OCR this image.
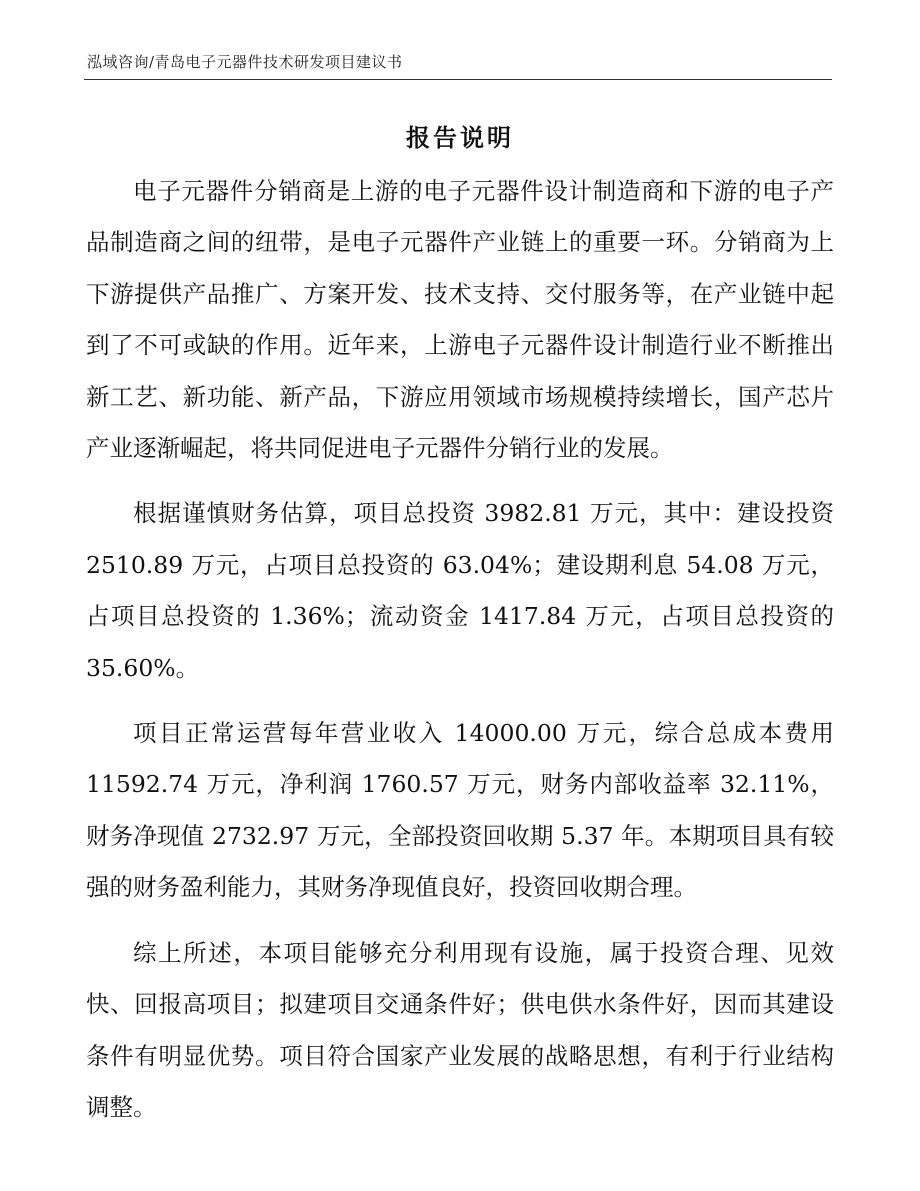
泓域咨询/青岛电子元器件技术研发项目建议书
报告说明

电子元器件分销商是上游的电子元器件设计制造商和下游的电子产品制造商之间的纽带，是电子元器件产业链上的重要一环。分销商为上下游提供产品推广、方案开发、技术支持、交付服务等，在产业链中起到了不可或缺的作用。近年来，上游电子元器件设计制造行业不断推出新工艺、新功能、新产品，下游应用领域市场规模持续增长，国产芯片产业逐渐崛起，将共同促进电子元器件分销行业的发展。

根据谨慎财务估算，项目总投资 3982.81 万元，其中：建设投资 2510.89 万元，占项目总投资的 63.04%；建设期利息 54.08 万元，占项目总投资的 1.36%；流动资金 1417.84 万元，占项目总投资的 35.60%。

项目正常运营每年营业收入 14000.00 万元，综合总成本费用 11592.74 万元，净利润 1760.57 万元，财务内部收益率 32.11%，财务净现值 2732.97 万元，全部投资回收期 5.37 年。本期项目具有较强的财务盈利能力，其财务净现值良好，投资回收期合理。

综上所述，本项目能够充分利用现有设施，属于投资合理、见效快、回报高项目；拟建项目交通条件好；供电供水条件好，因而其建设条件有明显优势。项目符合国家产业发展的战略思想，有利于行业结构调整。
